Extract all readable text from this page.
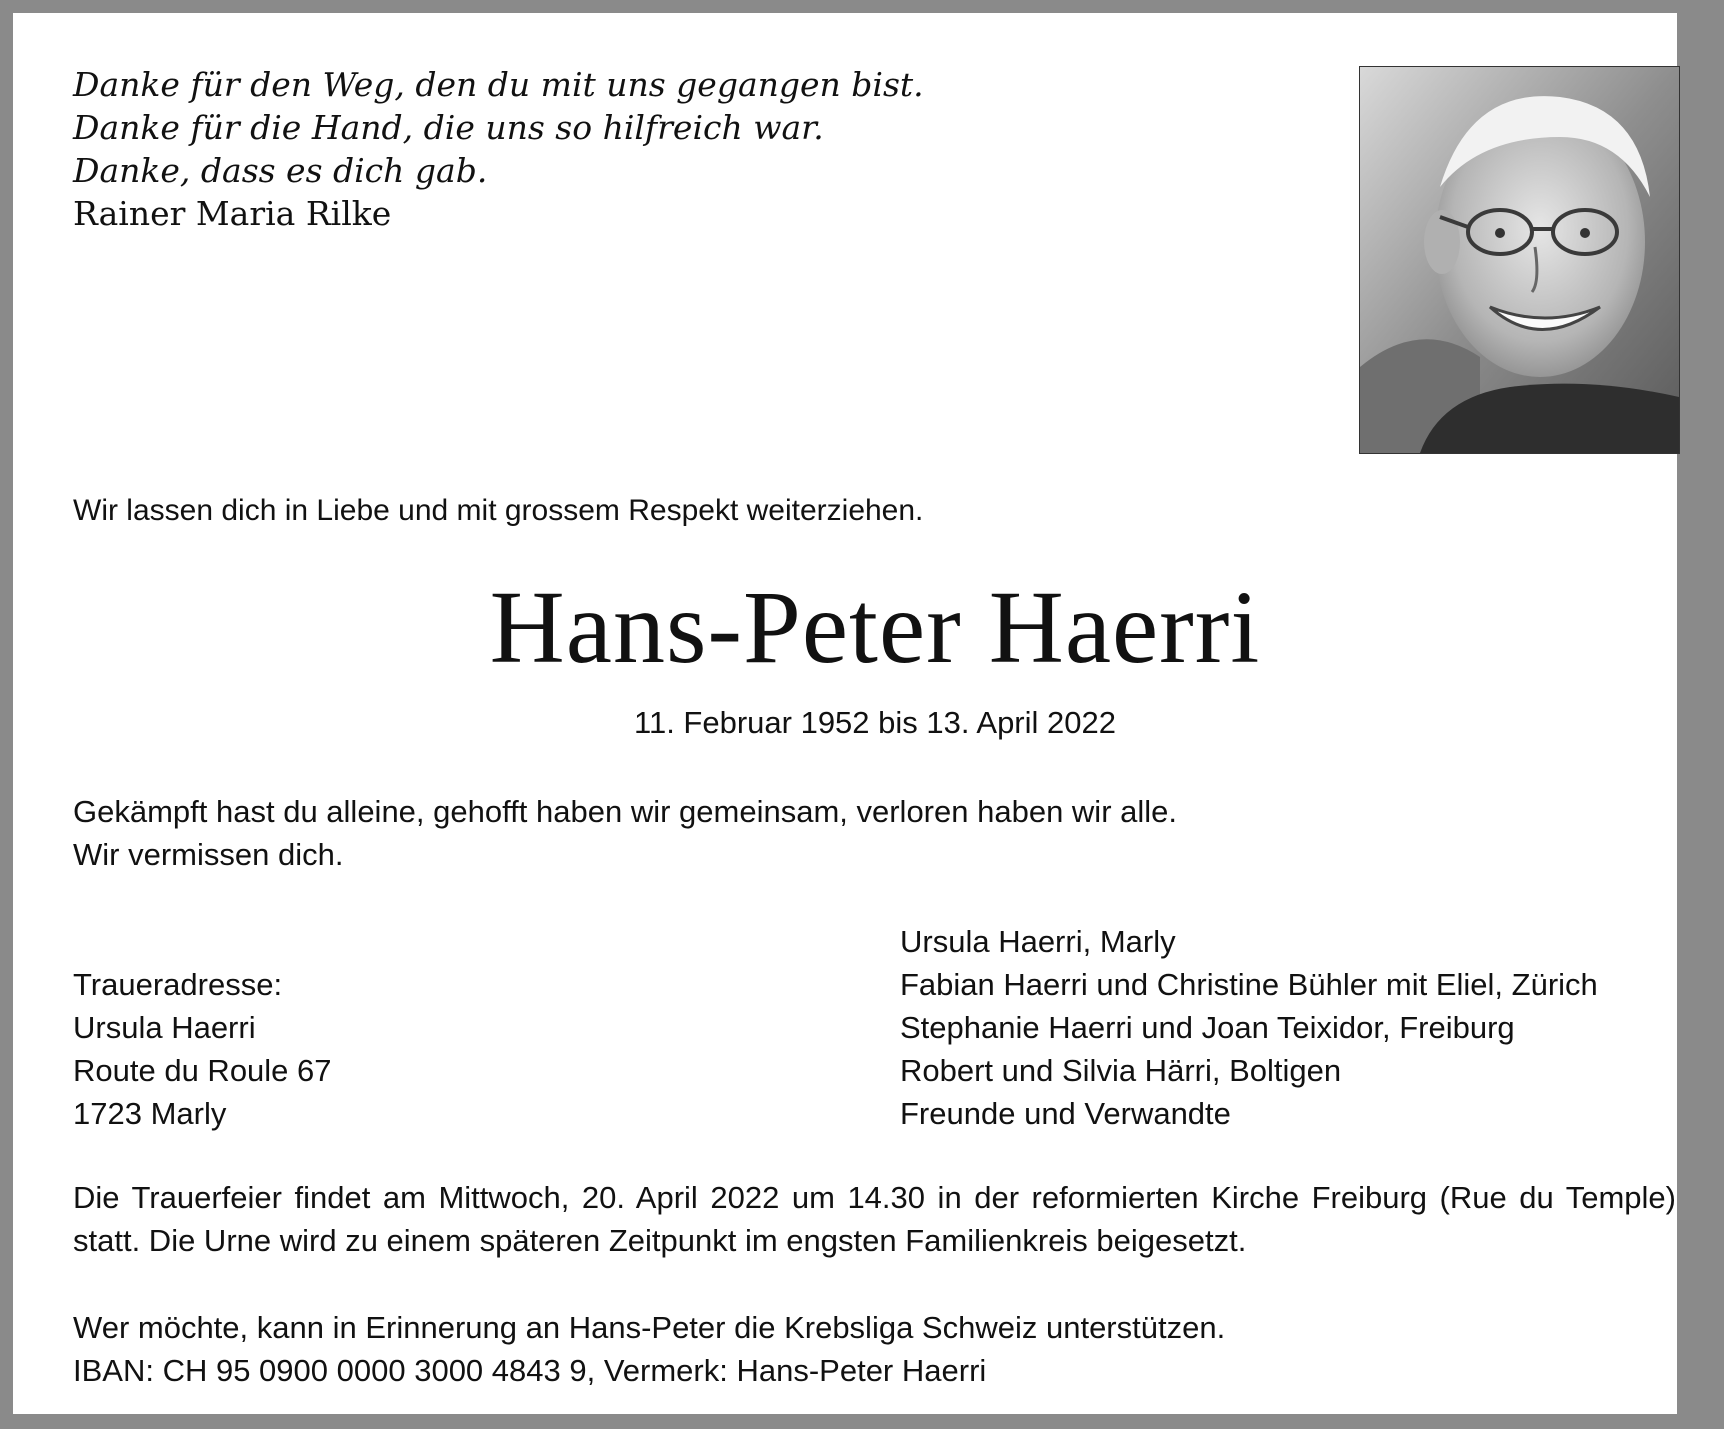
Danke für den Weg, den du mit uns gegangen bist.
Danke für die Hand, die uns so hilfreich war.
Danke, dass es dich gab.
Rainer Maria Rilke
Wir lassen dich in Liebe und mit grossem Respekt weiterziehen.
Hans-Peter Haerri
11. Februar 1952 bis 13. April 2022
Gekämpft hast du alleine, gehofft haben wir gemeinsam, verloren haben wir alle.
Wir vermissen dich.
Traueradresse:
Ursula Haerri
Route du Roule 67
1723 Marly
Ursula Haerri, Marly
Fabian Haerri und Christine Bühler mit Eliel, Zürich
Stephanie Haerri und Joan Teixidor, Freiburg
Robert und Silvia Härri, Boltigen
Freunde und Verwandte
Die Trauerfeier findet am Mittwoch, 20. April 2022 um 14.30 in der reformierten Kirche Freiburg (Rue du Temple) statt. Die Urne wird zu einem späteren Zeitpunkt im engsten Familienkreis beigesetzt.
Wer möchte, kann in Erinnerung an Hans-Peter die Krebsliga Schweiz unterstützen.
IBAN: CH 95 0900 0000 3000 4843 9, Vermerk: Hans-Peter Haerri
